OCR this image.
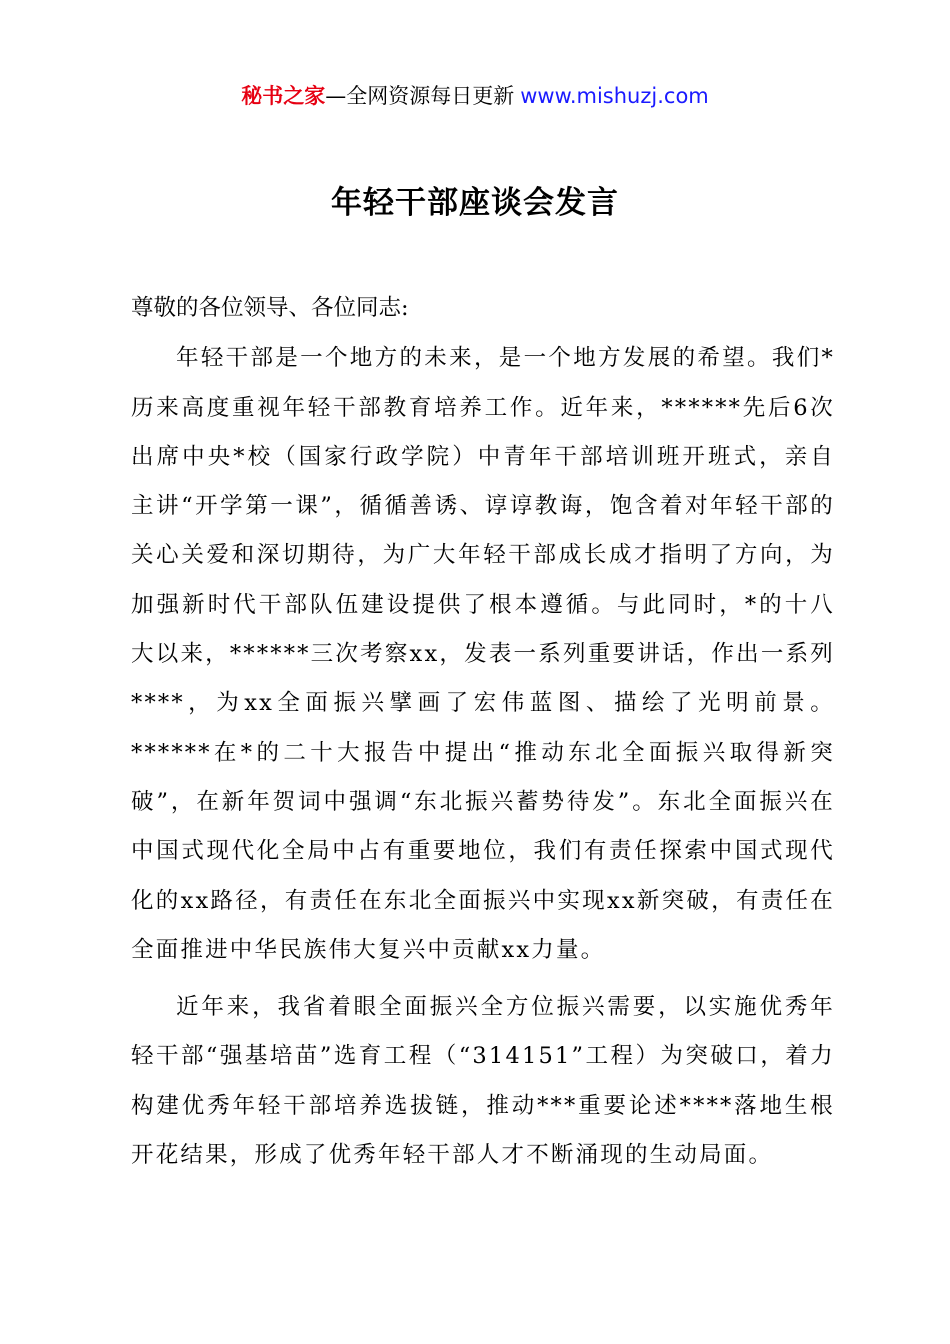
秘书之家—全网资源每日更新 www.mishuzj.com
年轻干部座谈会发言

尊敬的各位领导、各位同志:

年轻干部是一个地方的未来，是一个地方发展的希望。我们*历来高度重视年轻干部教育培养工作。近年来，******先后6次出席中央*校（国家行政学院）中青年干部培训班开班式，亲自主讲“开学第一课”，循循善诱、谆谆教诲，饱含着对年轻干部的关心关爱和深切期待，为广大年轻干部成长成才指明了方向，为加强新时代干部队伍建设提供了根本遵循。与此同时，*的十八大以来，******三次考察xx，发表一系列重要讲话，作出一系列****，为xx全面振兴擘画了宏伟蓝图、描绘了光明前景。******在*的二十大报告中提出“推动东北全面振兴取得新突破”，在新年贺词中强调“东北振兴蓄势待发”。东北全面振兴在中国式现代化全局中占有重要地位，我们有责任探索中国式现代化的xx路径，有责任在东北全面振兴中实现xx新突破，有责任在全面推进中华民族伟大复兴中贡献xx力量。

近年来，我省着眼全面振兴全方位振兴需要，以实施优秀年轻干部“强基培苗”选育工程（“314151”工程）为突破口，着力构建优秀年轻干部培养选拔链，推动***重要论述****落地生根开花结果，形成了优秀年轻干部人才不断涌现的生动局面。
